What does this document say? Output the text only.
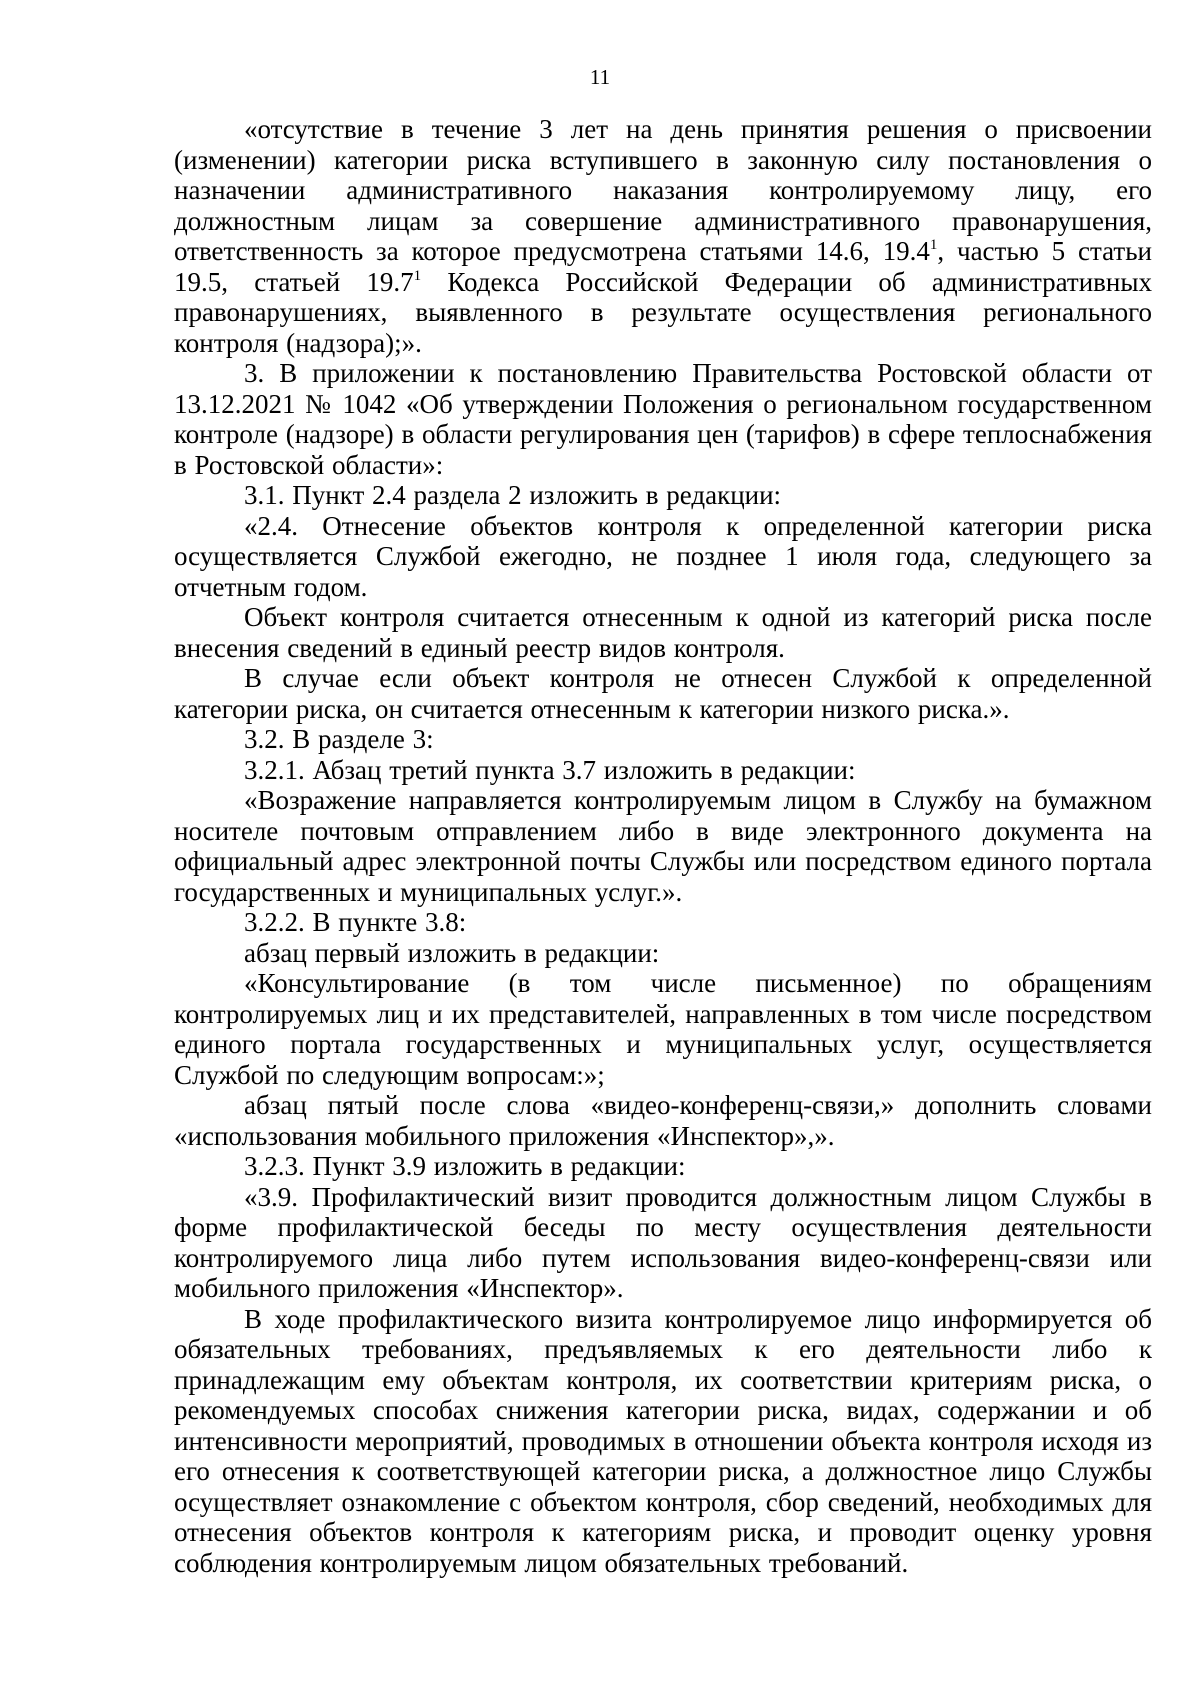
11

«отсутствие в течение 3 лет на день принятия решения о присвоении (изменении) категории риска вступившего в законную силу постановления о назначении административного наказания контролируемому лицу, его должностным лицам за совершение административного правонарушения, ответственность за которое предусмотрена статьями 14.6, 19.4$^1$, частью 5 статьи 19.5, статьей 19.7$^1$ Кодекса Российской Федерации об административных правонарушениях, выявленного в результате осуществления регионального контроля (надзора);».

3. В приложении к постановлению Правительства Ростовской области от 13.12.2021 № 1042 «Об утверждении Положения о региональном государственном контроле (надзоре) в области регулирования цен (тарифов) в сфере теплоснабжения в Ростовской области»:

3.1. Пункт 2.4 раздела 2 изложить в редакции:

«2.4. Отнесение объектов контроля к определенной категории риска осуществляется Службой ежегодно, не позднее 1 июля года, следующего за отчетным годом.

Объект контроля считается отнесенным к одной из категорий риска после внесения сведений в единый реестр видов контроля.

В случае если объект контроля не отнесен Службой к определенной категории риска, он считается отнесенным к категории низкого риска.».

3.2. В разделе 3:

3.2.1. Абзац третий пункта 3.7 изложить в редакции:

«Возражение направляется контролируемым лицом в Службу на бумажном носителе почтовым отправлением либо в виде электронного документа на официальный адрес электронной почты Службы или посредством единого портала государственных и муниципальных услуг.».

3.2.2. В пункте 3.8:

абзац первый изложить в редакции:

«Консультирование (в том числе письменное) по обращениям контролируемых лиц и их представителей, направленных в том числе посредством единого портала государственных и муниципальных услуг, осуществляется Службой по следующим вопросам:»;

абзац пятый после слова «видео-конференц-связи,» дополнить словами «использования мобильного приложения «Инспектор»,».

3.2.3. Пункт 3.9 изложить в редакции:

«3.9. Профилактический визит проводится должностным лицом Службы в форме профилактической беседы по месту осуществления деятельности контролируемого лица либо путем использования видео-конференц-связи или мобильного приложения «Инспектор».

В ходе профилактического визита контролируемое лицо информируется об обязательных требованиях, предъявляемых к его деятельности либо к принадлежащим ему объектам контроля, их соответствии критериям риска, о рекомендуемых способах снижения категории риска, видах, содержании и об интенсивности мероприятий, проводимых в отношении объекта контроля исходя из его отнесения к соответствующей категории риска, а должностное лицо Службы осуществляет ознакомление с объектом контроля, сбор сведений, необходимых для отнесения объектов контроля к категориям риска, и проводит оценку уровня соблюдения контролируемым лицом обязательных требований.
